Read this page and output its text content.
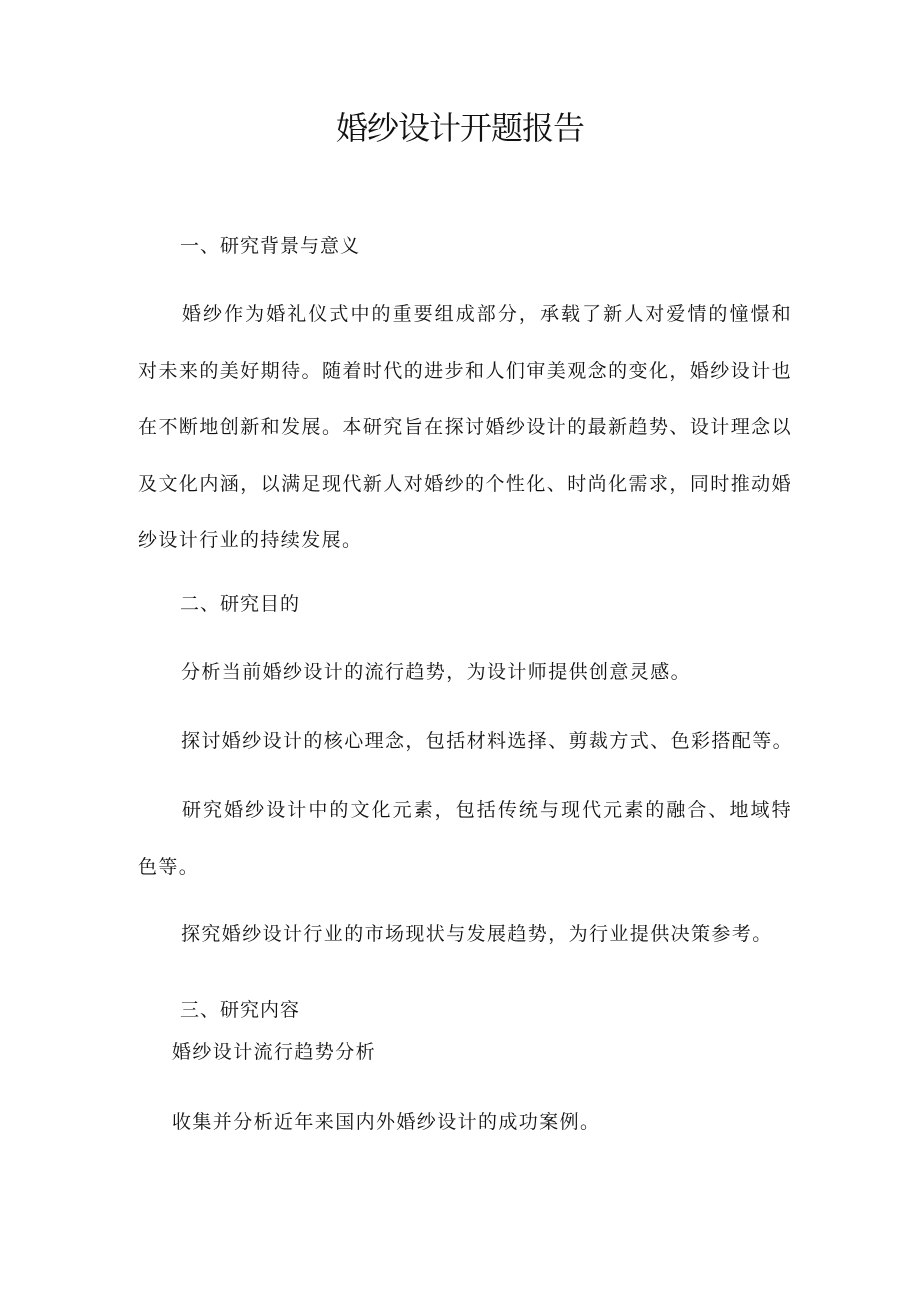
婚纱设计开题报告
一、研究背景与意义

婚纱作为婚礼仪式中的重要组成部分，承载了新人对爱情的憧憬和对未来的美好期待。随着时代的进步和人们审美观念的变化，婚纱设计也在不断地创新和发展。本研究旨在探讨婚纱设计的最新趋势、设计理念以及文化内涵，以满足现代新人对婚纱的个性化、时尚化需求，同时推动婚纱设计行业的持续发展。

二、研究目的

分析当前婚纱设计的流行趋势，为设计师提供创意灵感。

探讨婚纱设计的核心理念，包括材料选择、剪裁方式、色彩搭配等。

研究婚纱设计中的文化元素，包括传统与现代元素的融合、地域特色等。

探究婚纱设计行业的市场现状与发展趋势，为行业提供决策参考。

三、研究内容

婚纱设计流行趋势分析

收集并分析近年来国内外婚纱设计的成功案例。
